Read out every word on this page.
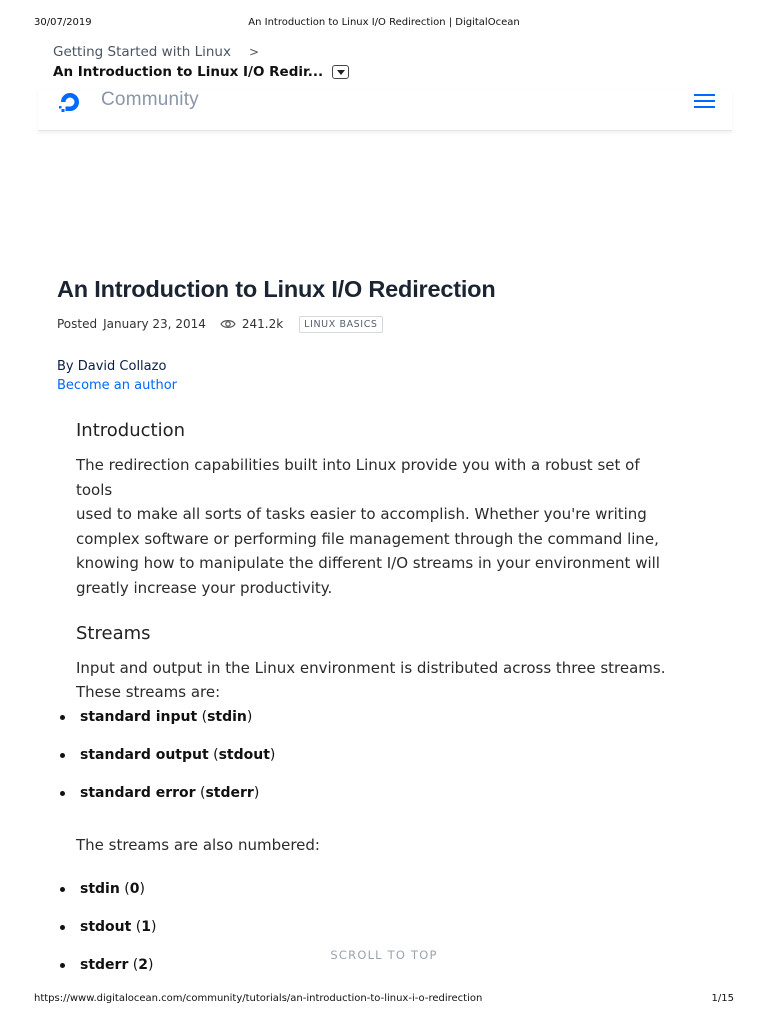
30/07/2019	An Introduction to Linux I/O Redirection | DigitalOcean
Getting Started with Linux >
An Introduction to Linux I/O Redir...
Community
An Introduction to Linux I/O Redirection
Posted January 23, 2014	241.2k	LINUX BASICS
By David Collazo
Become an author
Introduction

The redirection capabilities built into Linux provide you with a robust set of tools
used to make all sorts of tasks easier to accomplish. Whether you're writing
complex software or performing file management through the command line,
knowing how to manipulate the different I/O streams in your environment will
greatly increase your productivity.

Streams

Input and output in the Linux environment is distributed across three streams.
These streams are:

standard input (stdin)
standard output (stdout)
standard error (stderr)

The streams are also numbered:

stdin (0)
stdout (1)
stderr (2)
SCROLL TO TOP
https://www.digitalocean.com/community/tutorials/an-introduction-to-linux-i-o-redirection	1/15
